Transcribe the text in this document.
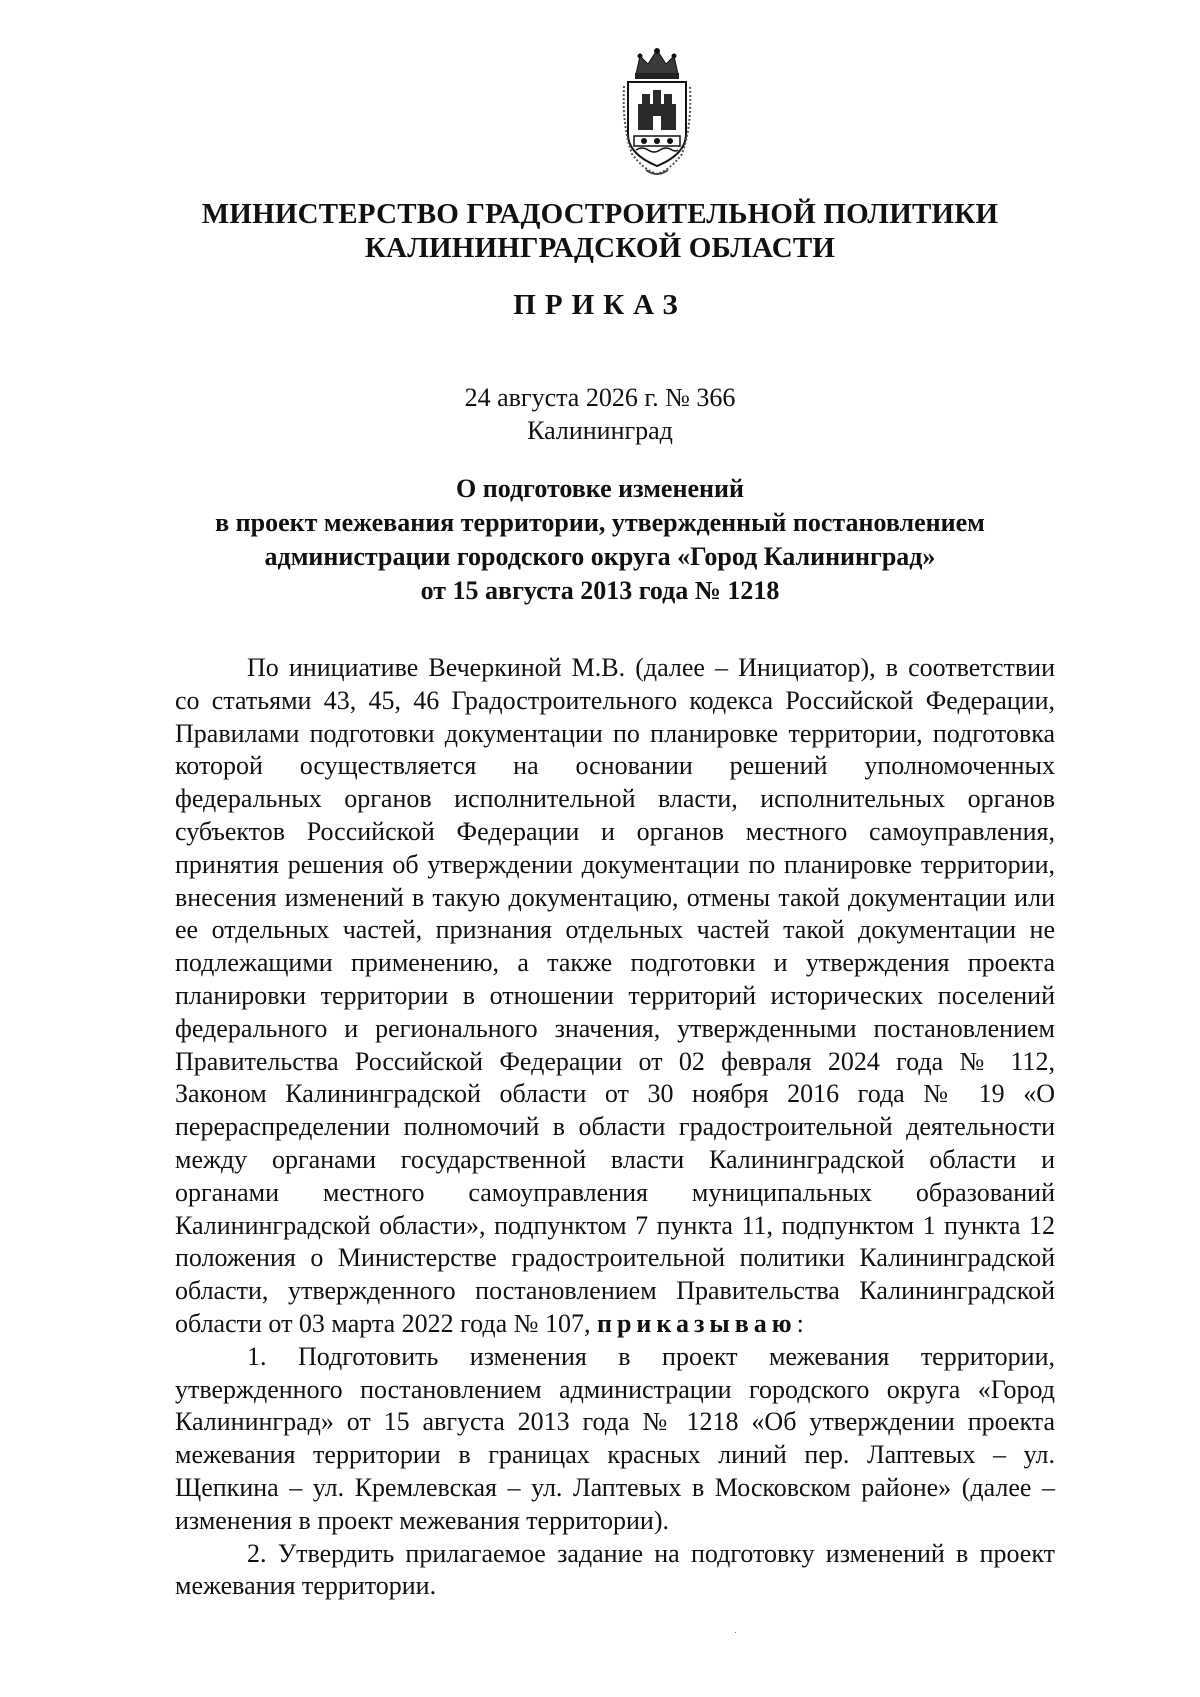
МИНИСТЕРСТВО ГРАДОСТРОИТЕЛЬНОЙ ПОЛИТИКИ
КАЛИНИНГРАДСКОЙ ОБЛАСТИ
ПРИКАЗ
24 августа 2026 г. № 366
Калининград
О подготовке изменений
в проект межевания территории, утвержденный постановлением
администрации городского округа «Город Калининград»
от 15 августа 2013 года № 1218

По инициативе Вечеркиной М.В. (далее – Инициатор), в соответствии со статьями 43, 45, 46 Градостроительного кодекса Российской Федерации, Правилами подготовки документации по планировке территории, подготовка которой осуществляется на основании решений уполномоченных федеральных органов исполнительной власти, исполнительных органов субъектов Российской Федерации и органов местного самоуправления, принятия решения об утверждении документации по планировке территории, внесения изменений в такую документацию, отмены такой документации или ее отдельных частей, признания отдельных частей такой документации не подлежащими применению, а также подготовки и утверждения проекта планировки территории в отношении территорий исторических поселений федерального и регионального значения, утвержденными постановлением Правительства Российской Федерации от 02 февраля 2024 года № 112, Законом Калининградской области от 30 ноября 2016 года № 19 «О перераспределении полномочий в области градостроительной деятельности между органами государственной власти Калининградской области и органами местного самоуправления муниципальных образований Калининградской области», подпунктом 7 пункта 11, подпунктом 1 пункта 12 положения о Министерстве градостроительной политики Калининградской области, утвержденного постановлением Правительства Калининградской области от 03 марта 2022 года № 107, приказываю:

1. Подготовить изменения в проект межевания территории, утвержденного постановлением администрации городского округа «Город Калининград» от 15 августа 2013 года № 1218 «Об утверждении проекта межевания территории в границах красных линий пер. Лаптевых – ул. Щепкина – ул. Кремлевская – ул. Лаптевых в Московском районе» (далее – изменения в проект межевания территории).

2. Утвердить прилагаемое задание на подготовку изменений в проект межевания территории.
